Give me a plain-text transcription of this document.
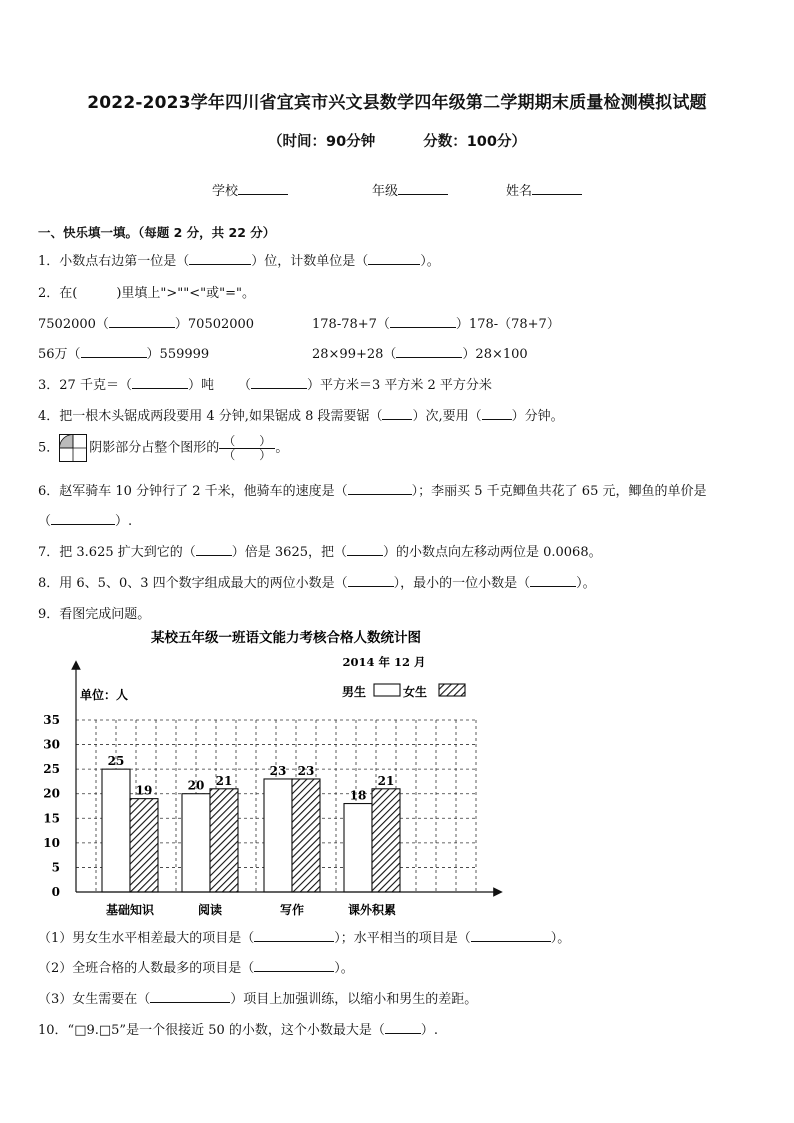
2022-2023学年四川省宜宾市兴文县数学四年级第二学期期末质量检测模拟试题
（时间：90分钟	分数：100分）
学校	年级	姓名
一、快乐填一填。（每题 2 分，共 22 分）
1．小数点右边第一位是（	）位，计数单位是（	）。
2．在(　　　)里填上">""<"或"="。
7502000（	）70502000	178-78+7（	）178-（78+7）
56万（	）559999	28×99+28（	）28×100
3．27 千克＝（	）吨 （	）平方米＝3 平方米 2 平方分米
4．把一根木头锯成两段要用 4 分钟,如果锯成 8 段需要锯（ ）次,要用（ ）分钟。
5． 阴影部分占整个图形的 $\frac{( )}{( )}$ 。
6．赵军骑车 10 分钟行了 2 千米，他骑车的速度是（	）；李丽买 5 千克鲫鱼共花了 65 元，鲫鱼的单价是
（	）.
7．把 3.625 扩大到它的（	）倍是 3625，把（	）的小数点向左移动两位是 0.0068。
8．用 6、5、0、3 四个数字组成最大的两位小数是（	），最小的一位小数是（	）。
9．看图完成问题。
某校五年级一班语文能力考核合格人数统计图
2014 年 12 月
单位：人	男生	女生
0
5
10
15
20
25
30
35
25
19	20 21
23 23
18
21
基础知识	阅读	写作	课外积累
（1）男女生水平相差最大的项目是（	）；水平相当的项目是（	）。
（2）全班合格的人数最多的项目是（	）。
（3）女生需要在（	）项目上加强训练，以缩小和男生的差距。
10．“□9.□5”是一个很接近 50 的小数，这个小数最大是（	）.
